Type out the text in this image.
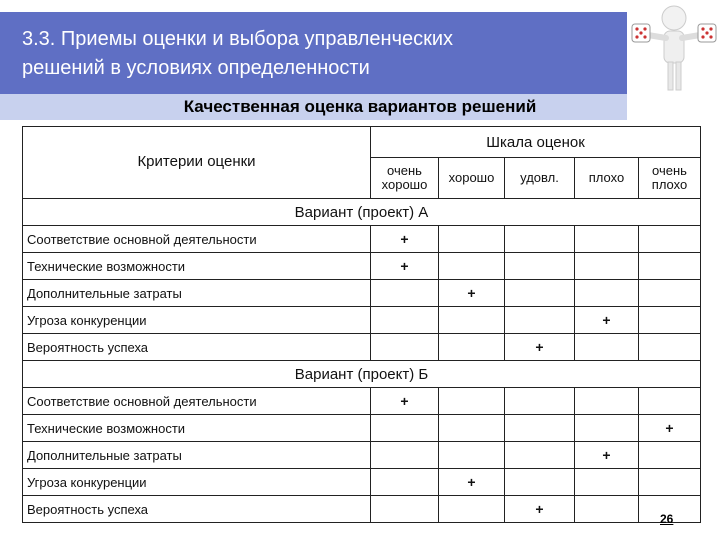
3.3. Приемы оценки и выбора управленческих
решений в условиях определенности
Качественная оценка вариантов решений
Критерии оценки	Шкала оценок				
	очень хорошо	хорошо	удовл.	плохо	очень плохо
Вариант (проект) А					
Соответствие основной деятельности	+				
Технические возможности	+				
Дополнительные затраты		+			
Угроза конкуренции				+	
Вероятность успеха			+		
Вариант (проект) Б					
Соответствие основной деятельности	+				
Технические возможности					+
Дополнительные затраты				+	
Угроза конкуренции		+			
Вероятность успеха			+		
26
